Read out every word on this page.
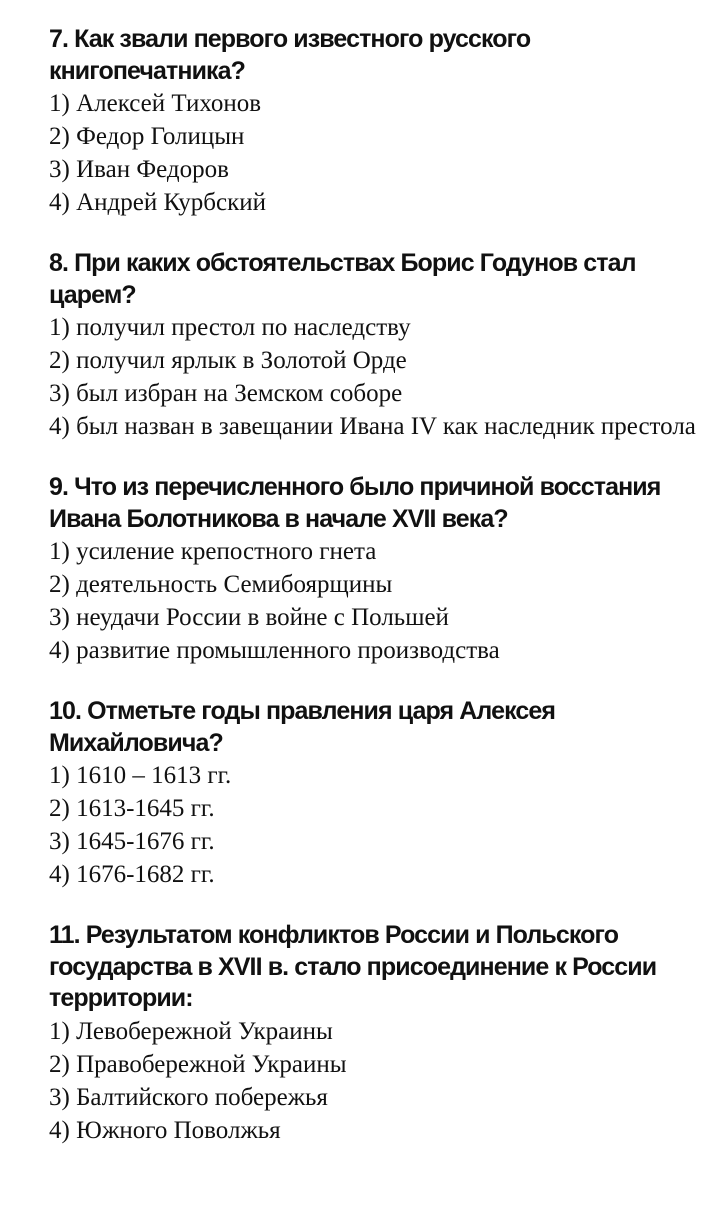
7. Как звали первого известного русского книгопечатника?

1) Алексей Тихонов

2) Федор Голицын

3) Иван Федоров

4) Андрей Курбский

8. При каких обстоятельствах Борис Годунов стал царем?

1) получил престол по наследству

2) получил ярлык в Золотой Орде

3) был избран на Земском соборе

4) был назван в завещании Ивана IV как наследник престола

9. Что из перечисленного было причиной восстания Ивана Болотникова в начале XVII века?

1) усиление крепостного гнета

2) деятельность Семибоярщины

3) неудачи России в войне с Польшей

4) развитие промышленного производства

10. Отметьте годы правления царя Алексея Михайловича?

1) 1610 – 1613 гг.

2) 1613-1645 гг.

3) 1645-1676 гг.

4) 1676-1682 гг.

11. Результатом конфликтов России и Польского государства в XVII в. стало присоединение к России территории:

1) Левобережной Украины

2) Правобережной Украины

3) Балтийского побережья

4) Южного Поволжья
